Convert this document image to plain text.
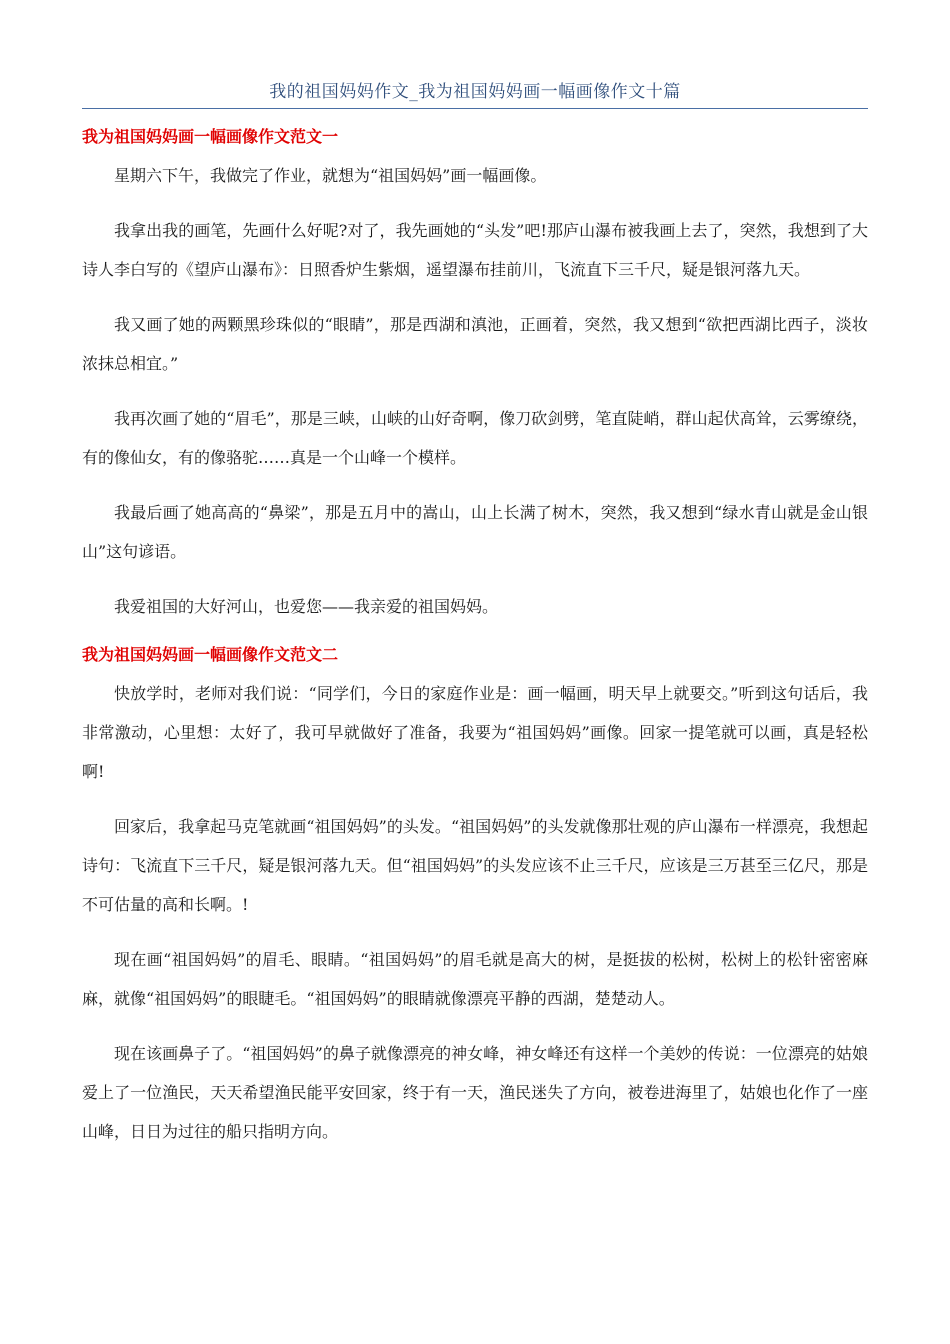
我的祖国妈妈作文_我为祖国妈妈画一幅画像作文十篇
我为祖国妈妈画一幅画像作文范文一

星期六下午，我做完了作业，就想为“祖国妈妈”画一幅画像。

我拿出我的画笔，先画什么好呢?对了，我先画她的“头发”吧!那庐山瀑布被我画上去了，突然，我想到了大诗人李白写的《望庐山瀑布》：日照香炉生紫烟，遥望瀑布挂前川，飞流直下三千尺，疑是银河落九天。

我又画了她的两颗黑珍珠似的“眼睛”，那是西湖和滇池，正画着，突然，我又想到“欲把西湖比西子，淡妆浓抹总相宜。”

我再次画了她的“眉毛”，那是三峡，山峡的山好奇啊，像刀砍剑劈，笔直陡峭，群山起伏高耸，云雾缭绕，有的像仙女，有的像骆驼……真是一个山峰一个模样。

我最后画了她高高的“鼻梁”，那是五月中的嵩山，山上长满了树木，突然，我又想到“绿水青山就是金山银山”这句谚语。

我爱祖国的大好河山，也爱您——我亲爱的祖国妈妈。

我为祖国妈妈画一幅画像作文范文二

快放学时，老师对我们说：“同学们，今日的家庭作业是：画一幅画，明天早上就要交。”听到这句话后，我非常激动，心里想：太好了，我可早就做好了准备，我要为“祖国妈妈”画像。回家一提笔就可以画，真是轻松啊!

回家后，我拿起马克笔就画“祖国妈妈”的头发。“祖国妈妈”的头发就像那壮观的庐山瀑布一样漂亮，我想起诗句：飞流直下三千尺，疑是银河落九天。但“祖国妈妈”的头发应该不止三千尺，应该是三万甚至三亿尺，那是不可估量的高和长啊。!

现在画“祖国妈妈”的眉毛、眼睛。“祖国妈妈”的眉毛就是高大的树，是挺拔的松树，松树上的松针密密麻麻，就像“祖国妈妈”的眼睫毛。“祖国妈妈”的眼睛就像漂亮平静的西湖，楚楚动人。

现在该画鼻子了。“祖国妈妈”的鼻子就像漂亮的神女峰，神女峰还有这样一个美妙的传说：一位漂亮的姑娘爱上了一位渔民，天天希望渔民能平安回家，终于有一天，渔民迷失了方向，被卷进海里了，姑娘也化作了一座山峰，日日为过往的船只指明方向。
